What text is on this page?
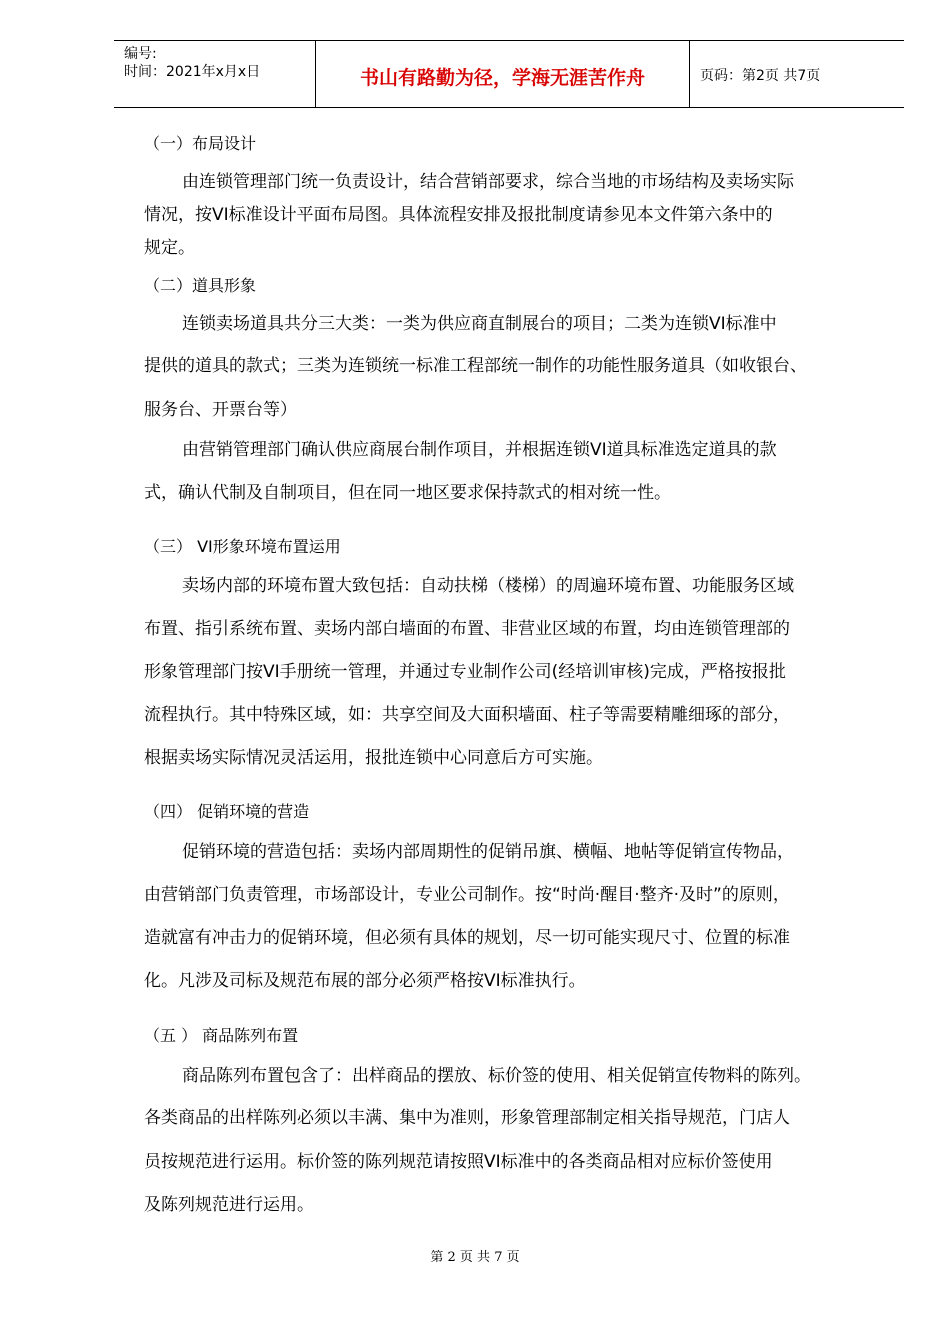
编号:
时间：2021年x月x日	书山有路勤为径，学海无涯苦作舟	页码：第2页 共7页
（一）布局设计
由连锁管理部门统一负责设计，结合营销部要求，综合当地的市场结构及卖场实际
情况，按VI标准设计平面布局图。具体流程安排及报批制度请参见本文件第六条中的
规定。
（二）道具形象
连锁卖场道具共分三大类：一类为供应商直制展台的项目；二类为连锁VI标准中
提供的道具的款式；三类为连锁统一标准工程部统一制作的功能性服务道具（如收银台、
服务台、开票台等）
由营销管理部门确认供应商展台制作项目，并根据连锁VI道具标准选定道具的款
式，确认代制及自制项目，但在同一地区要求保持款式的相对统一性。
（三） VI形象环境布置运用
卖场内部的环境布置大致包括：自动扶梯（楼梯）的周遍环境布置、功能服务区域
布置、指引系统布置、卖场内部白墙面的布置、非营业区域的布置，均由连锁管理部的
形象管理部门按VI手册统一管理，并通过专业制作公司(经培训审核)完成，严格按报批
流程执行。其中特殊区域，如：共享空间及大面积墙面、柱子等需要精雕细琢的部分，
根据卖场实际情况灵活运用，报批连锁中心同意后方可实施。
（四） 促销环境的营造
促销环境的营造包括：卖场内部周期性的促销吊旗、横幅、地帖等促销宣传物品，
由营销部门负责管理，市场部设计，专业公司制作。按“时尚·醒目·整齐·及时”的原则，
造就富有冲击力的促销环境，但必须有具体的规划，尽一切可能实现尺寸、位置的标准
化。凡涉及司标及规范布展的部分必须严格按VI标准执行。
（五 ） 商品陈列布置
商品陈列布置包含了：出样商品的摆放、标价签的使用、相关促销宣传物料的陈列。
各类商品的出样陈列必须以丰满、集中为准则，形象管理部制定相关指导规范，门店人
员按规范进行运用。标价签的陈列规范请按照VI标准中的各类商品相对应标价签使用
及陈列规范进行运用。
第 2 页 共 7 页
